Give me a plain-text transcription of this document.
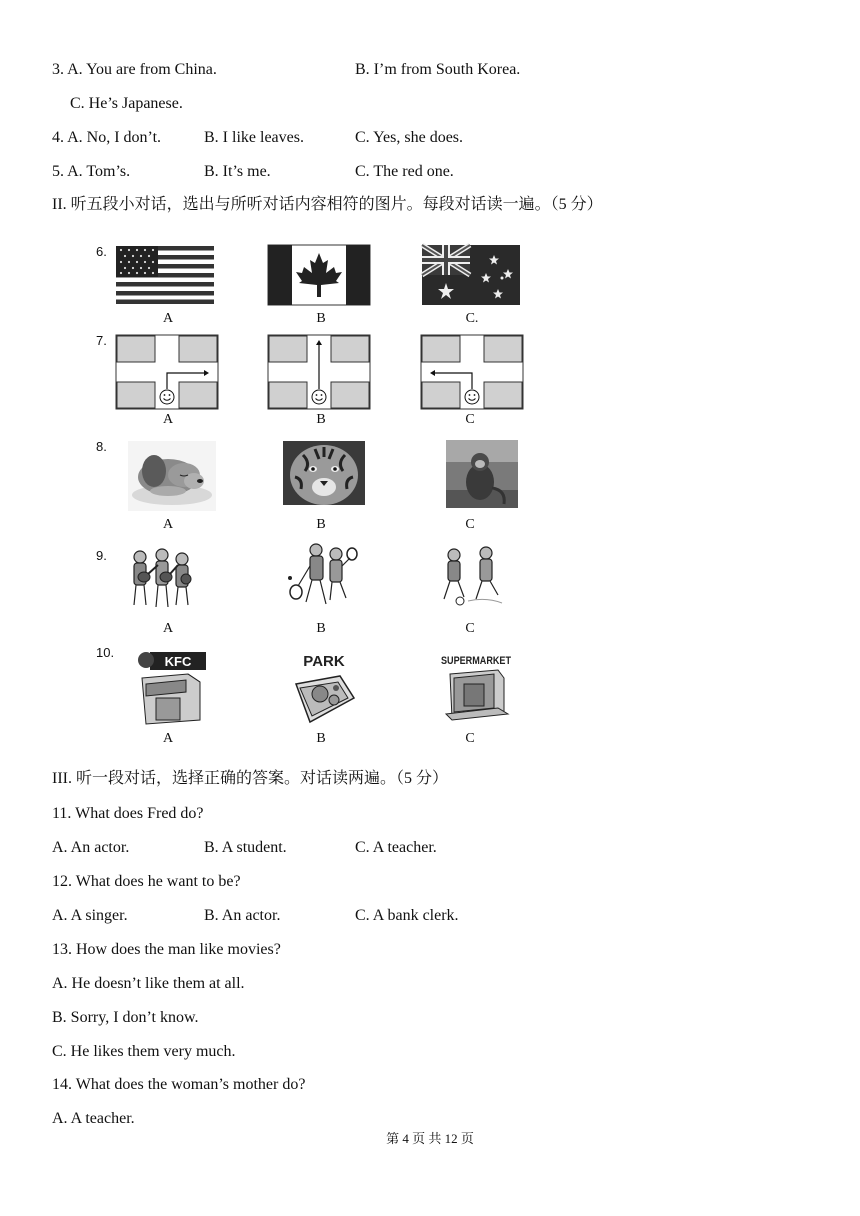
3. A. You are from China.	B. I’m from South Korea.
C. He’s Japanese.
4. A. No, I don’t.	B. I like leaves.	C. Yes, she does.
5. A. Tom’s.	B. It’s me.	C. The red one.
II. 听五段小对话，选出与所听对话内容相符的图片。每段对话读一遍。（5 分）
6.
A	B	C.
7.
A	B	C
8.
A	B	C
9.
A	B	C
10.
KFC	PARK	SUPERMARKET
A	B	C
III. 听一段对话，选择正确的答案。对话读两遍。（5 分）
11. What does Fred do?
A. An actor.	B. A student.	C. A teacher.
12. What does he want to be?
A. A singer.	B. An actor.	C. A bank clerk.
13. How does the man like movies?
A. He doesn’t like them at all.
B. Sorry, I don’t know.
C. He likes them very much.
14. What does the woman’s mother do?
A. A teacher.
第 4 页 共 12 页
